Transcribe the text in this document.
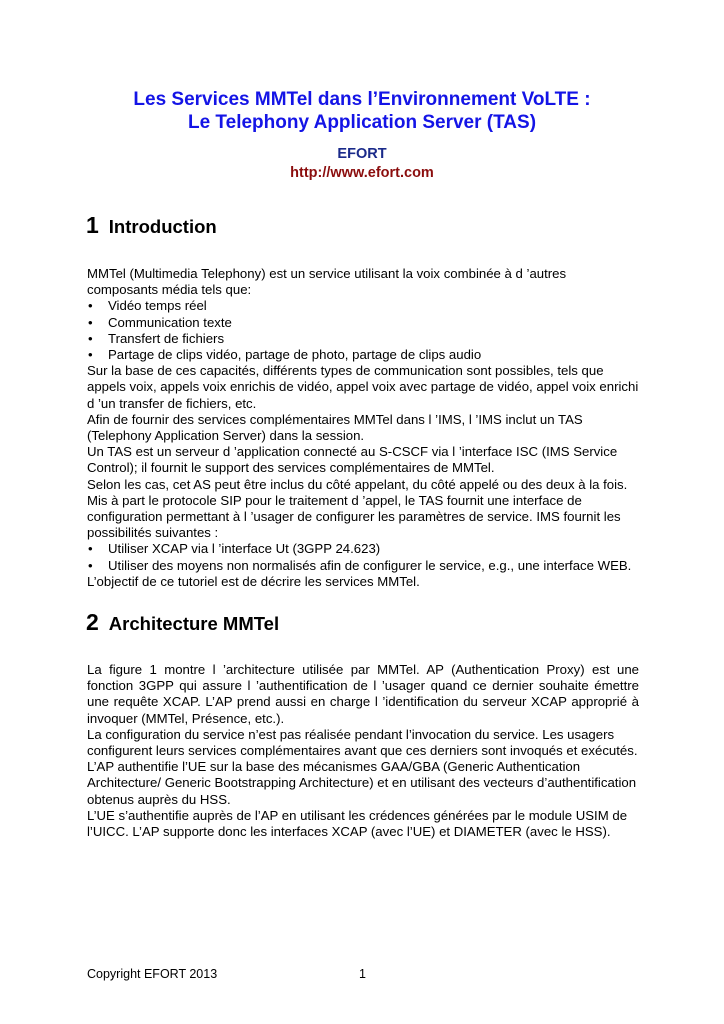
Les Services MMTel dans l’Environnement VoLTE :
Le Telephony Application Server (TAS)
EFORT
http://www.efort.com
1 Introduction

MMTel (Multimedia Telephony) est un service utilisant la voix combinée à d ’autres composants média tels que:

• Vidéo temps réel
• Communication texte
• Transfert de fichiers
• Partage de clips vidéo, partage de photo, partage de clips audio

Sur la base de ces capacités, différents types de communication sont possibles, tels que appels voix, appels voix enrichis de vidéo, appel voix avec partage de vidéo, appel voix enrichi d ’un transfer de fichiers, etc.

Afin de fournir des services complémentaires MMTel dans l ’IMS, l ’IMS inclut un TAS (Telephony Application Server) dans la session.

Un TAS est un serveur d ’application connecté au S-CSCF via l ’interface ISC (IMS Service Control); il fournit le support des services complémentaires de MMTel.

Selon les cas, cet AS peut être inclus du côté appelant, du côté appelé ou des deux à la fois.

Mis à part le protocole SIP pour le traitement d ’appel, le TAS fournit une interface de configuration permettant à l ’usager de configurer les paramètres de service. IMS fournit les possibilités suivantes :

• Utiliser XCAP via l ’interface Ut (3GPP 24.623)
• Utiliser des moyens non normalisés afin de configurer le service, e.g., une interface WEB.

L’objectif de ce tutoriel est de décrire les services MMTel.

2 Architecture MMTel

La figure 1 montre l ’architecture utilisée par MMTel. AP (Authentication Proxy) est une fonction 3GPP qui assure l ’authentification de l ’usager quand ce dernier souhaite émettre une requête XCAP. L’AP prend aussi en charge l ’identification du serveur XCAP approprié à invoquer (MMTel, Présence, etc.).

La configuration du service n’est pas réalisée pendant l’invocation du service. Les usagers configurent leurs services complémentaires avant que ces derniers sont invoqués et exécutés.

L’AP authentifie l’UE sur la base des mécanismes GAA/GBA (Generic Authentication Architecture/ Generic Bootstrapping Architecture) et en utilisant des vecteurs d’authentification obtenus auprès du HSS.

L’UE s’authentifie auprès de l’AP en utilisant les crédences générées par le module USIM de l’UICC. L’AP supporte donc les interfaces XCAP (avec l’UE) et DIAMETER (avec le HSS).

Copyright EFORT 2013	1
